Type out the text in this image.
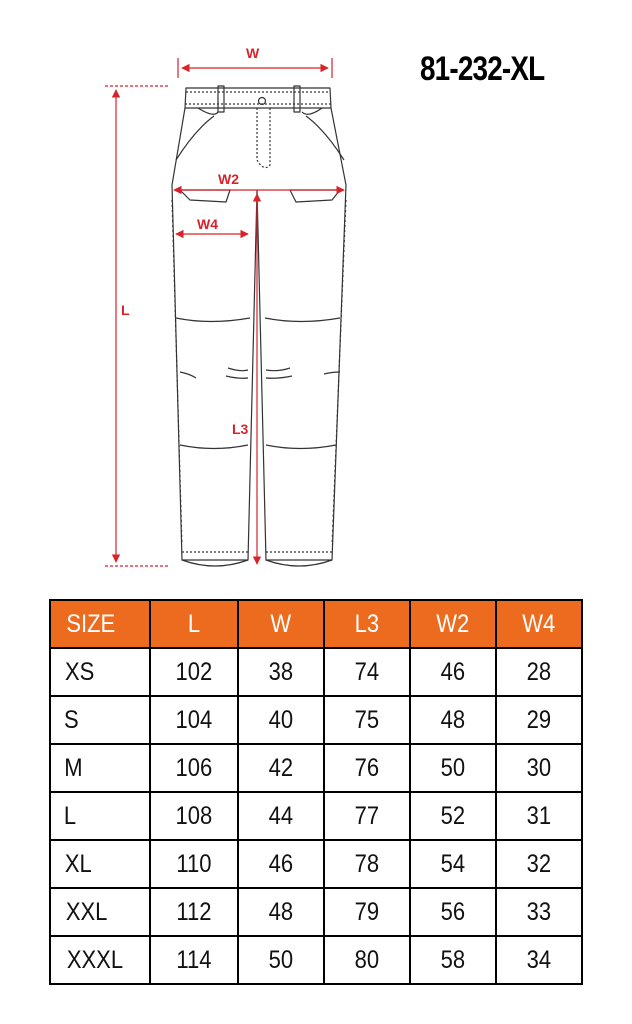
81-232-XL
W
W2
W4
L
L3
SIZE	L	W	L3	W2	W4
XS	102	38	74	46	28
S	104	40	75	48	29
M	106	42	76	50	30
L	108	44	77	52	31
XL	110	46	78	54	32
XXL	112	48	79	56	33
XXXL	114	50	80	58	34
